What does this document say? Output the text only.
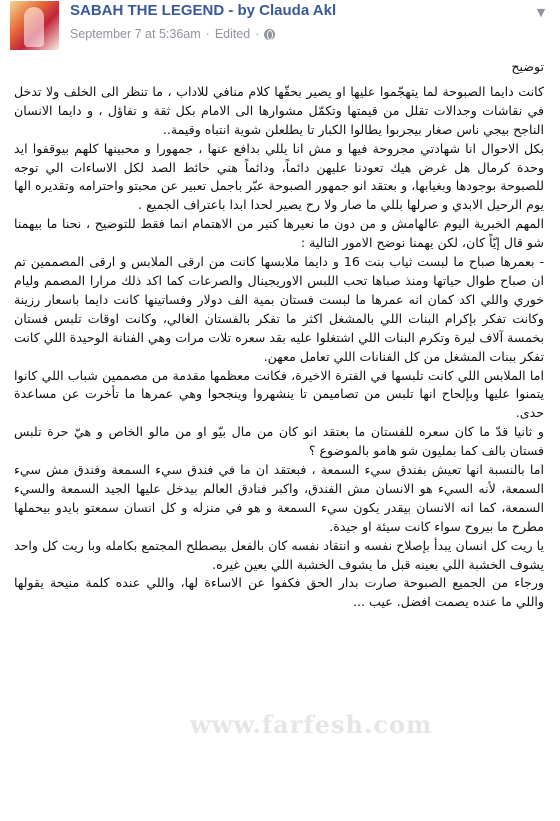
SABAH THE LEGEND - by Clauda Akl
September 7 at 5:36am · Edited ·
▼

توضيح

كانت دايما الصبوحة لما يتهجّموا عليها او يصير بحقّها كلام منافي للاداب ، ما تنظر الى الخلف ولا تدخل في نقاشات وجدالات تقلل من قيمتها وتكمّل مشوارها الى الامام بكل ثقة و تفاؤل ، و دايما الانسان الناجح بيجي ناس صغار بيجربوا يطالوا الكبار تا يطلعلن شوية انتباه وقيمة..

بكل الاحوال انا شهادتي مجروحة فيها و مش انا يللي بدافع عنها ، جمهورا و محبينها كلهم بيوقفوا ايد وحدة كرمال هل غرض هيك تعودنا عليهن دائماً، ودائماً هني حائط الصد لكل الاساءات الي توجه للصبوحة بوجودها وبغيابها، و بعتقد انو جمهور الصبوحة عبّر باجمل تعبير عن محبتو واحترامه وتقديره الها يوم الرحيل الابدي و صرلها بللي ما صار ولا رح يصير لحدا ابدا باعتراف الجميع .

المهم الخبرية اليوم عالهامش و من دون ما نعيرها كتير من الاهتمام انما فقط للتوضيح ، نحنا ما بيهمنا شو قال إيّاً كان، لكن يهمنا نوضح الامور التالية :

- بعمرها صباح ما لبست ثياب بنت 16 و دايما ملابسها كانت من ارقى الملابس و ارقى المصممين تم ان صباح طوال حياتها ومنذ صباها تحب اللبس الاوريجينال والصرعات كما اكد ذلك مرارا المصمم وليام خوري واللي اكد كمان انه عمرها ما لبست فستان بمية الف دولار وفساتينها كانت دايما باسعار رزينة وكانت تفكر بإكرام البنات اللي بالمشغل اكثر ما تفكر بالفستان الغالي، وكانت اوقات تلبس فستان بخمسة آلاف ليرة وتكرم البنات اللي اشتغلوا عليه بقد سعره تلات مرات وهي الفنانة الوحيدة اللي كانت تفكر ببنات المشغل من كل الفنانات اللي تعامل معهن.

اما الملابس اللي كانت تلبسها في الفترة الاخيرة، فكانت معظمها مقدمة من مصممين شباب اللي كانوا يتمنوا عليها وبإلحاح انها تلبس من تصاميمن تا ينشهروا وينجحوا وهي عمرها ما تأخرت عن مساعدة حدى.

و ثانيا قدّ ما كان سعره للفستان ما بعتقد انو كان من مال بيّو او من مالو الخاص و هيّ حرة تلبس فستان بالف كما بمليون شو هامو بالموضوع ؟

اما بالنسبة انها تعيش بفندق سيء السمعة ، فبعتقد ان ما في فندق سيء السمعة وفندق مش سيء السمعة، لأنه السيء هو الانسان مش الفندق، واكبر فنادق العالم بيدخل عليها الجيد السمعة والسيء السمعة، كما انه الانسان بيقدر يكون سيء السمعة و هو في منزله و كل انسان سمعتو بايدو بيحملها مطرح ما بيروح سواء كانت سيئة او جيدة.

يا ريت كل انسان يبدأ بإصلاح نفسه و انتقاد نفسه كان بالفعل بيصطلح المجتمع بكامله وبا ريت كل واحد يشوف الخشبة اللي بعينه قبل ما يشوف الخشبة اللي بعين غيره.

ورجاء من الجميع الصبوحة صارت بدار الحق فكفوا عن الاساءة لها، واللي عنده كلمة منيحة يقولها واللي ما عنده يصمت افضل. عيب ...

www.farfesh.com
